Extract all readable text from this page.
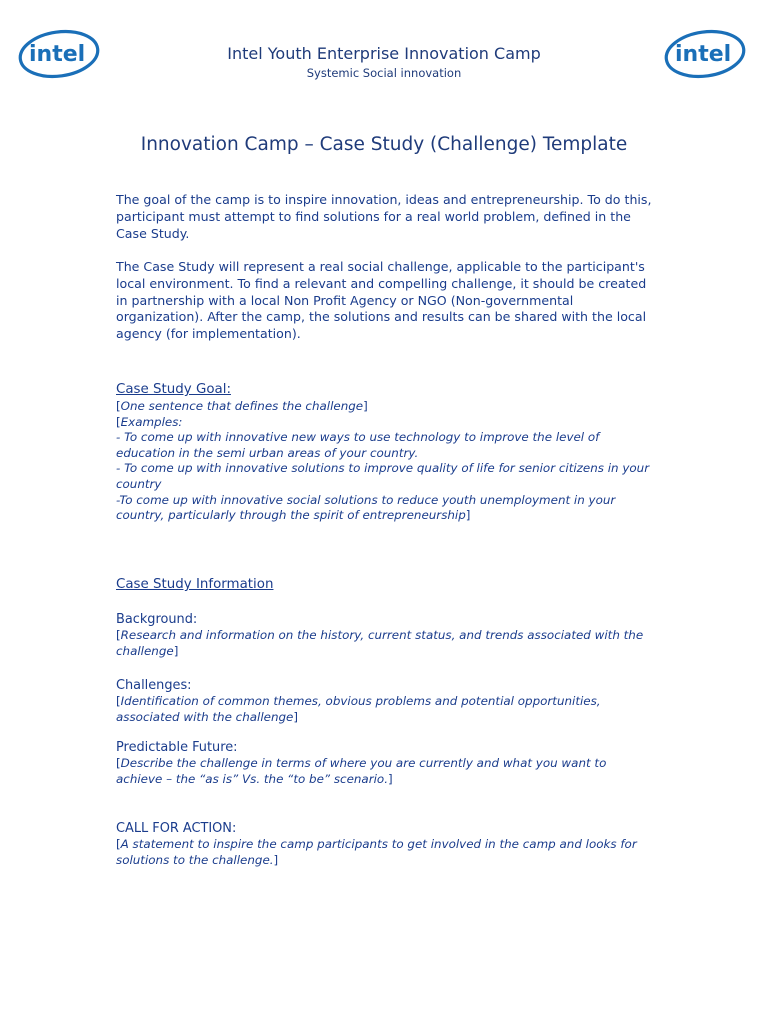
intel	intel
Intel Youth Enterprise Innovation Camp
Systemic Social innovation
Innovation Camp – Case Study (Challenge) Template

The goal of the camp is to inspire innovation, ideas and entrepreneurship. To do this, participant must attempt to find solutions for a real world problem, defined in the Case Study.

The Case Study will represent a real social challenge, applicable to the participant's local environment. To find a relevant and compelling challenge, it should be created in partnership with a local Non Profit Agency or NGO (Non-governmental organization). After the camp, the solutions and results can be shared with the local agency (for implementation).

Case Study Goal:

[One sentence that defines the challenge]

[Examples:

- To come up with innovative new ways to use technology to improve the level of education in the semi urban areas of your country.

- To come up with innovative solutions to improve quality of life for senior citizens in your country

-To come up with innovative social solutions to reduce youth unemployment in your country, particularly through the spirit of entrepreneurship]

Case Study Information

Background:

[Research and information on the history, current status, and trends associated with the challenge]

Challenges:

[Identification of common themes, obvious problems and potential opportunities, associated with the challenge]

Predictable Future:

[Describe the challenge in terms of where you are currently and what you want to achieve – the “as is” Vs. the “to be” scenario.]

CALL FOR ACTION:

[A statement to inspire the camp participants to get involved in the camp and looks for solutions to the challenge.]
